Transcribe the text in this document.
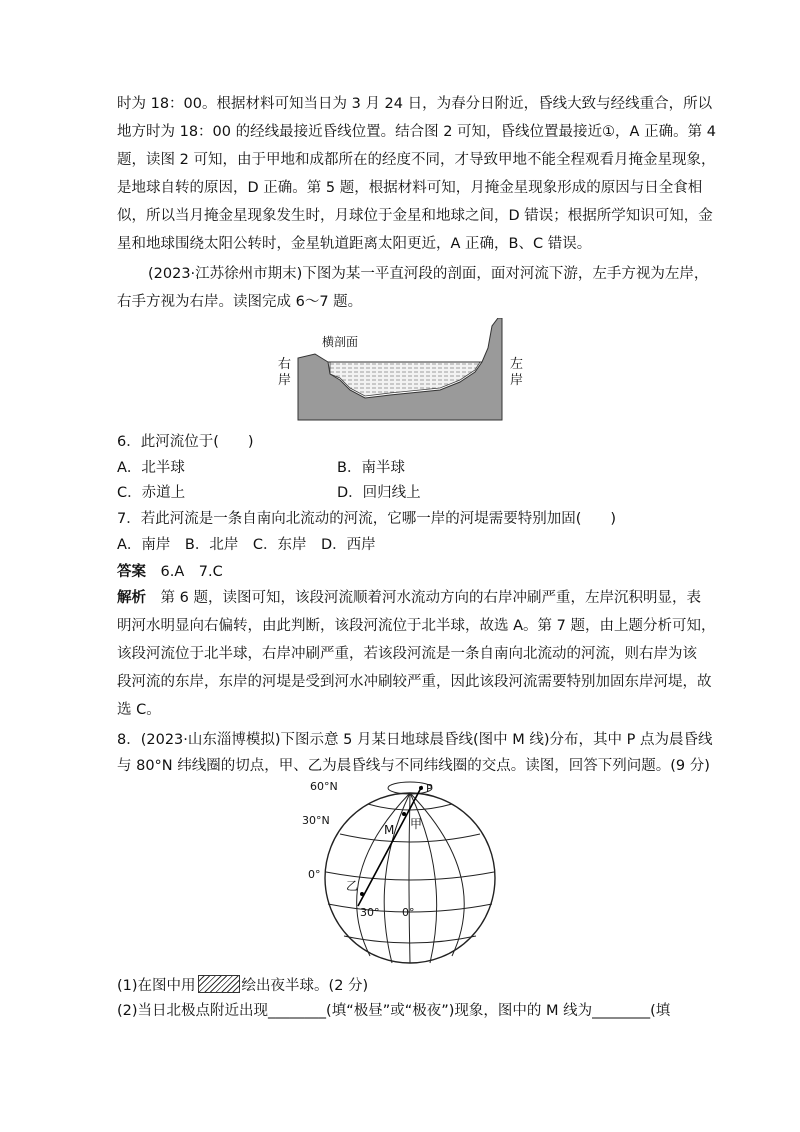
时为 18：00。根据材料可知当日为 3 月 24 日，为春分日附近，昏线大致与经线重合，所以
地方时为 18：00 的经线最接近昏线位置。结合图 2 可知，昏线位置最接近①，A 正确。第 4
题，读图 2 可知，由于甲地和成都所在的经度不同，才导致甲地不能全程观看月掩金星现象，
是地球自转的原因，D 正确。第 5 题，根据材料可知，月掩金星现象形成的原因与日全食相
似，所以当月掩金星现象发生时，月球位于金星和地球之间，D 错误；根据所学知识可知，金
星和地球围绕太阳公转时，金星轨道距离太阳更近，A 正确，B、C 错误。
(2023·江苏徐州市期末)下图为某一平直河段的剖面，面对河流下游，左手方视为左岸，
右手方视为右岸。读图完成 6～7 题。
横剖面
右
岸
左
岸
6．此河流位于(　　)
A．北半球	B．南半球
C．赤道上	D．回归线上
7．若此河流是一条自南向北流动的河流，它哪一岸的河堤需要特别加固(　　)
A．南岸　B．北岸　C．东岸　D．西岸
答案　6.A　7.C
解析　第 6 题，读图可知，该段河流顺着河水流动方向的右岸冲刷严重，左岸沉积明显，表
明河水明显向右偏转，由此判断，该段河流位于北半球，故选 A。第 7 题，由上题分析可知，
该段河流位于北半球，右岸冲刷严重，若该段河流是一条自南向北流动的河流，则右岸为该
段河流的东岸，东岸的河堤是受到河水冲刷较严重，因此该段河流需要特别加固东岸河堤，故
选 C。
8．(2023·山东淄博模拟)下图示意 5 月某日地球晨昏线(图中 M 线)分布，其中 P 点为晨昏线
与 80°N 纬线圈的切点，甲、乙为晨昏线与不同纬线圈的交点。读图，回答下列问题。(9 分)
60°N
30°N
0°
30° 0°
P
M 甲
乙
(1)在图中用	绘出夜半球。(2 分)
(2)当日北极点附近出现________(填“极昼”或“极夜”)现象，图中的 M 线为________(填
